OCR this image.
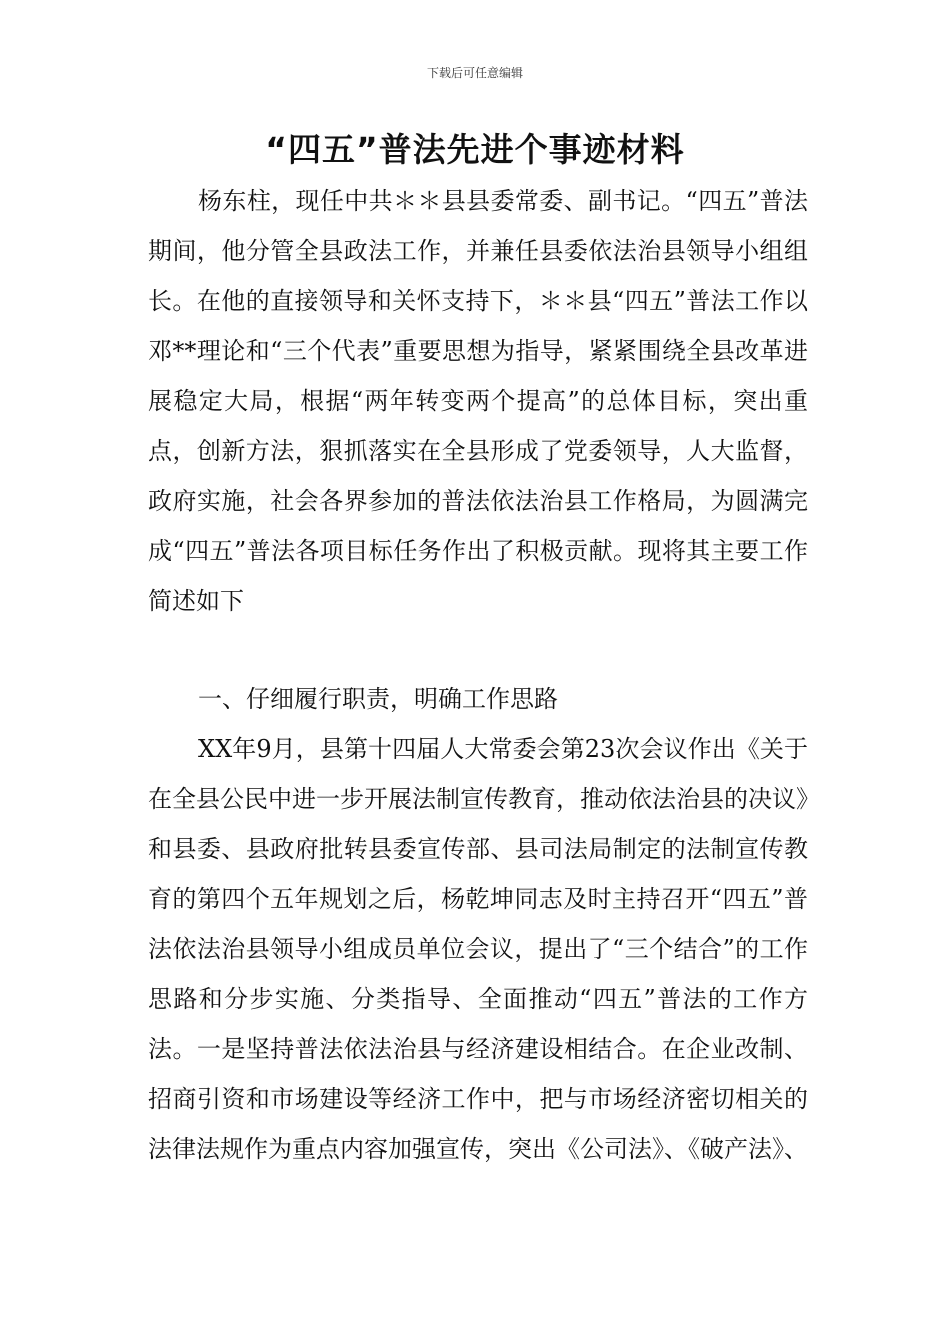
下载后可任意编辑
“四五”普法先进个事迹材料

杨东柱，现任中共＊＊县县委常委、副书记。“四五”普法期间，他分管全县政法工作，并兼任县委依法治县领导小组组长。在他的直接领导和关怀支持下，＊＊县“四五”普法工作以邓**理论和“三个代表”重要思想为指导，紧紧围绕全县改革进展稳定大局，根据“两年转变两个提高”的总体目标，突出重点，创新方法，狠抓落实在全县形成了党委领导，人大监督，政府实施，社会各界参加的普法依法治县工作格局，为圆满完成“四五”普法各项目标任务作出了积极贡献。现将其主要工作简述如下

一、仔细履行职责，明确工作思路

XX年9月，县第十四届人大常委会第23次会议作出《关于在全县公民中进一步开展法制宣传教育，推动依法治县的决议》和县委、县政府批转县委宣传部、县司法局制定的法制宣传教育的第四个五年规划之后，杨乾坤同志及时主持召开“四五”普法依法治县领导小组成员单位会议，提出了“三个结合”的工作思路和分步实施、分类指导、全面推动“四五”普法的工作方法。一是坚持普法依法治县与经济建设相结合。在企业改制、招商引资和市场建设等经济工作中，把与市场经济密切相关的法律法规作为重点内容加强宣传，突出《公司法》、《破产法》、
